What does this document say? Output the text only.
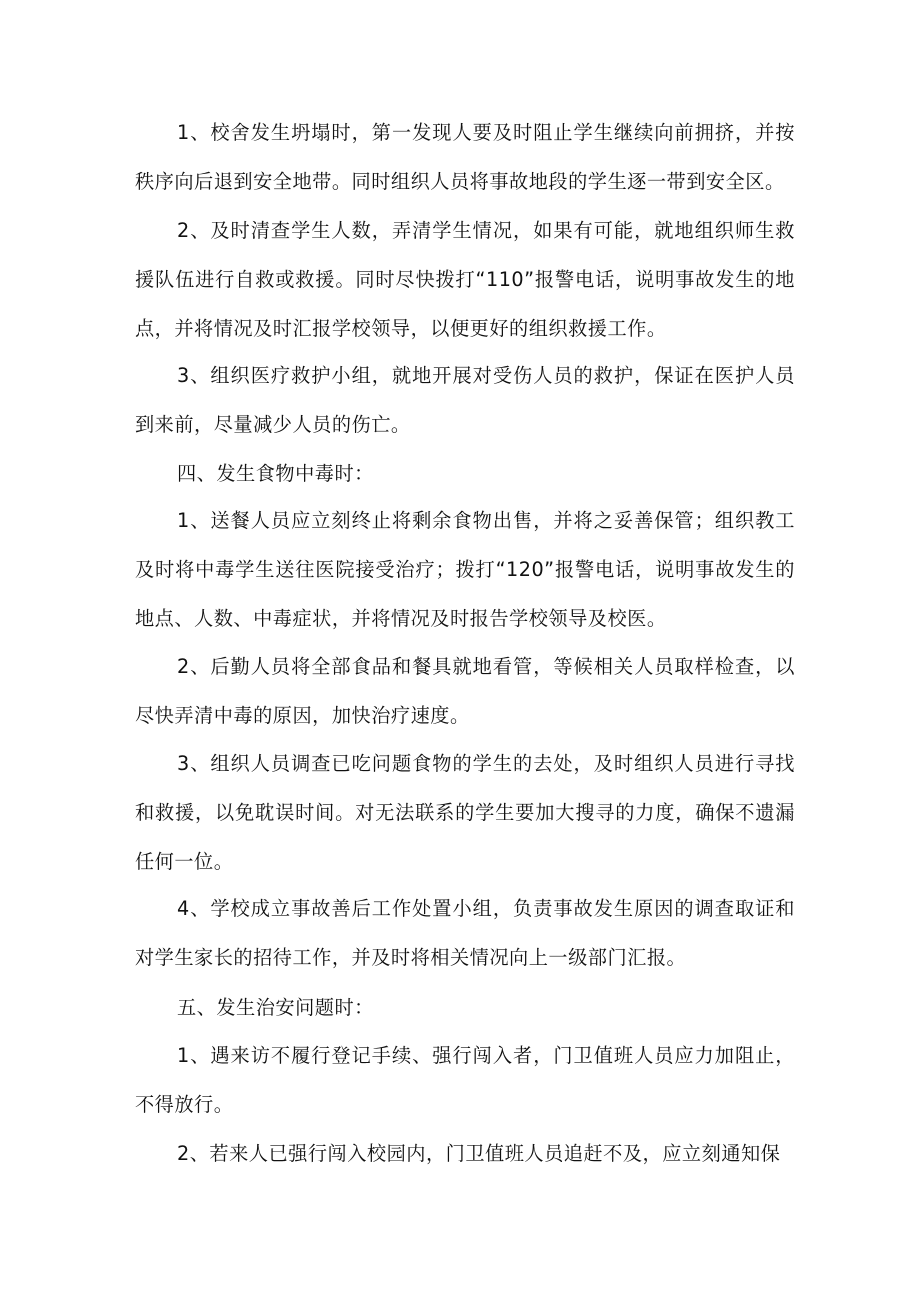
1、校舍发生坍塌时，第一发现人要及时阻止学生继续向前拥挤，并按秩序向后退到安全地带。同时组织人员将事故地段的学生逐一带到安全区。

2、及时清查学生人数，弄清学生情况，如果有可能，就地组织师生救援队伍进行自救或救援。同时尽快拨打“110”报警电话，说明事故发生的地点，并将情况及时汇报学校领导，以便更好的组织救援工作。

3、组织医疗救护小组，就地开展对受伤人员的救护，保证在医护人员到来前，尽量减少人员的伤亡。

四、发生食物中毒时：

1、送餐人员应立刻终止将剩余食物出售，并将之妥善保管；组织教工及时将中毒学生送往医院接受治疗；拨打“120”报警电话，说明事故发生的地点、人数、中毒症状，并将情况及时报告学校领导及校医。

2、后勤人员将全部食品和餐具就地看管，等候相关人员取样检查，以尽快弄清中毒的原因，加快治疗速度。

3、组织人员调查已吃问题食物的学生的去处，及时组织人员进行寻找和救援，以免耽误时间。对无法联系的学生要加大搜寻的力度，确保不遗漏任何一位。

4、学校成立事故善后工作处置小组，负责事故发生原因的调查取证和对学生家长的招待工作，并及时将相关情况向上一级部门汇报。

五、发生治安问题时：

1、遇来访不履行登记手续、强行闯入者，门卫值班人员应力加阻止，不得放行。

2、若来人已强行闯入校园内，门卫值班人员追赶不及，应立刻通知保
